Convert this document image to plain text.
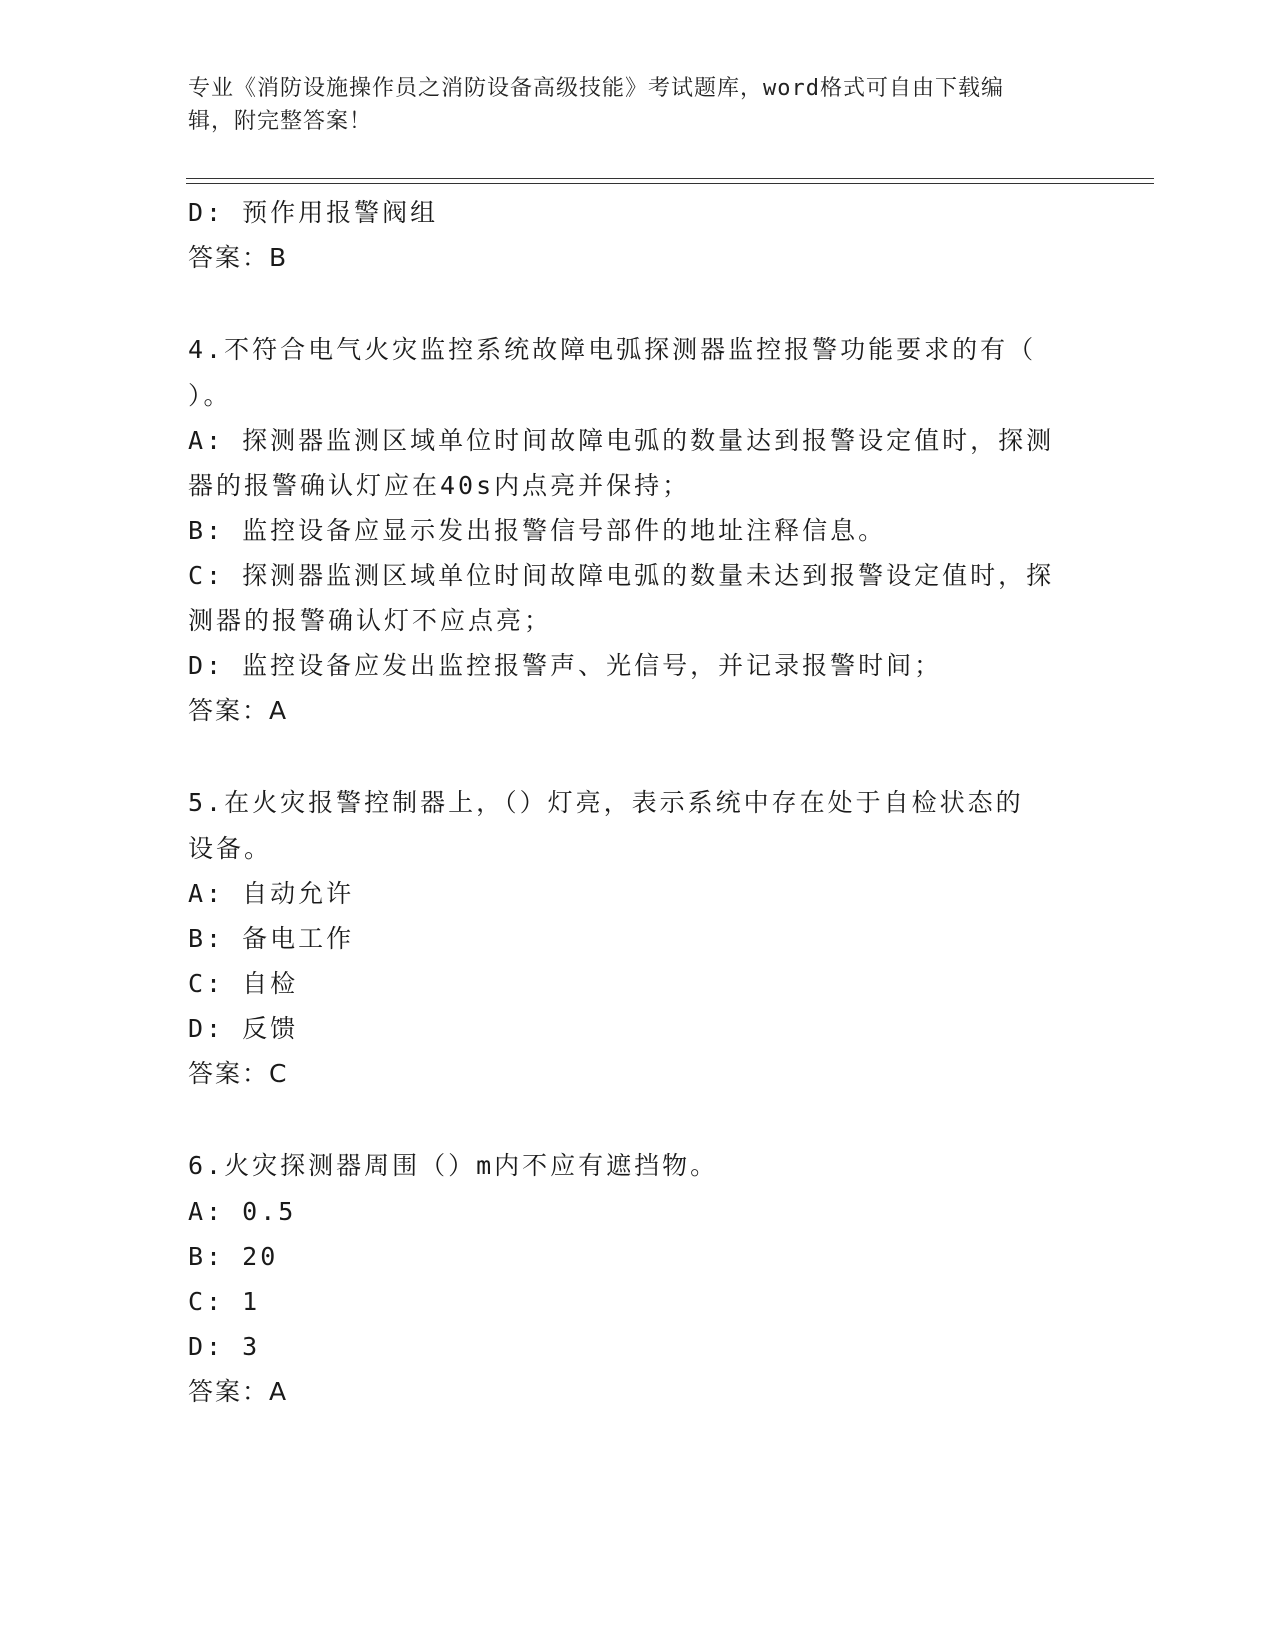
专业《消防设施操作员之消防设备高级技能》考试题库，word格式可自由下载编
辑，附完整答案！
D: 预作用报警阀组
答案：B
4.不符合电气火灾监控系统故障电弧探测器监控报警功能要求的有（
）。
A: 探测器监测区域单位时间故障电弧的数量达到报警设定值时，探测
器的报警确认灯应在40s内点亮并保持；
B: 监控设备应显示发出报警信号部件的地址注释信息。
C: 探测器监测区域单位时间故障电弧的数量未达到报警设定值时，探
测器的报警确认灯不应点亮；
D: 监控设备应发出监控报警声、光信号，并记录报警时间；
答案：A
5.在火灾报警控制器上，（）灯亮，表示系统中存在处于自检状态的
设备。
A: 自动允许
B: 备电工作
C: 自检
D: 反馈
答案：C
6.火灾探测器周围（）m内不应有遮挡物。
A: 0.5
B: 20
C: 1
D: 3
答案：A
